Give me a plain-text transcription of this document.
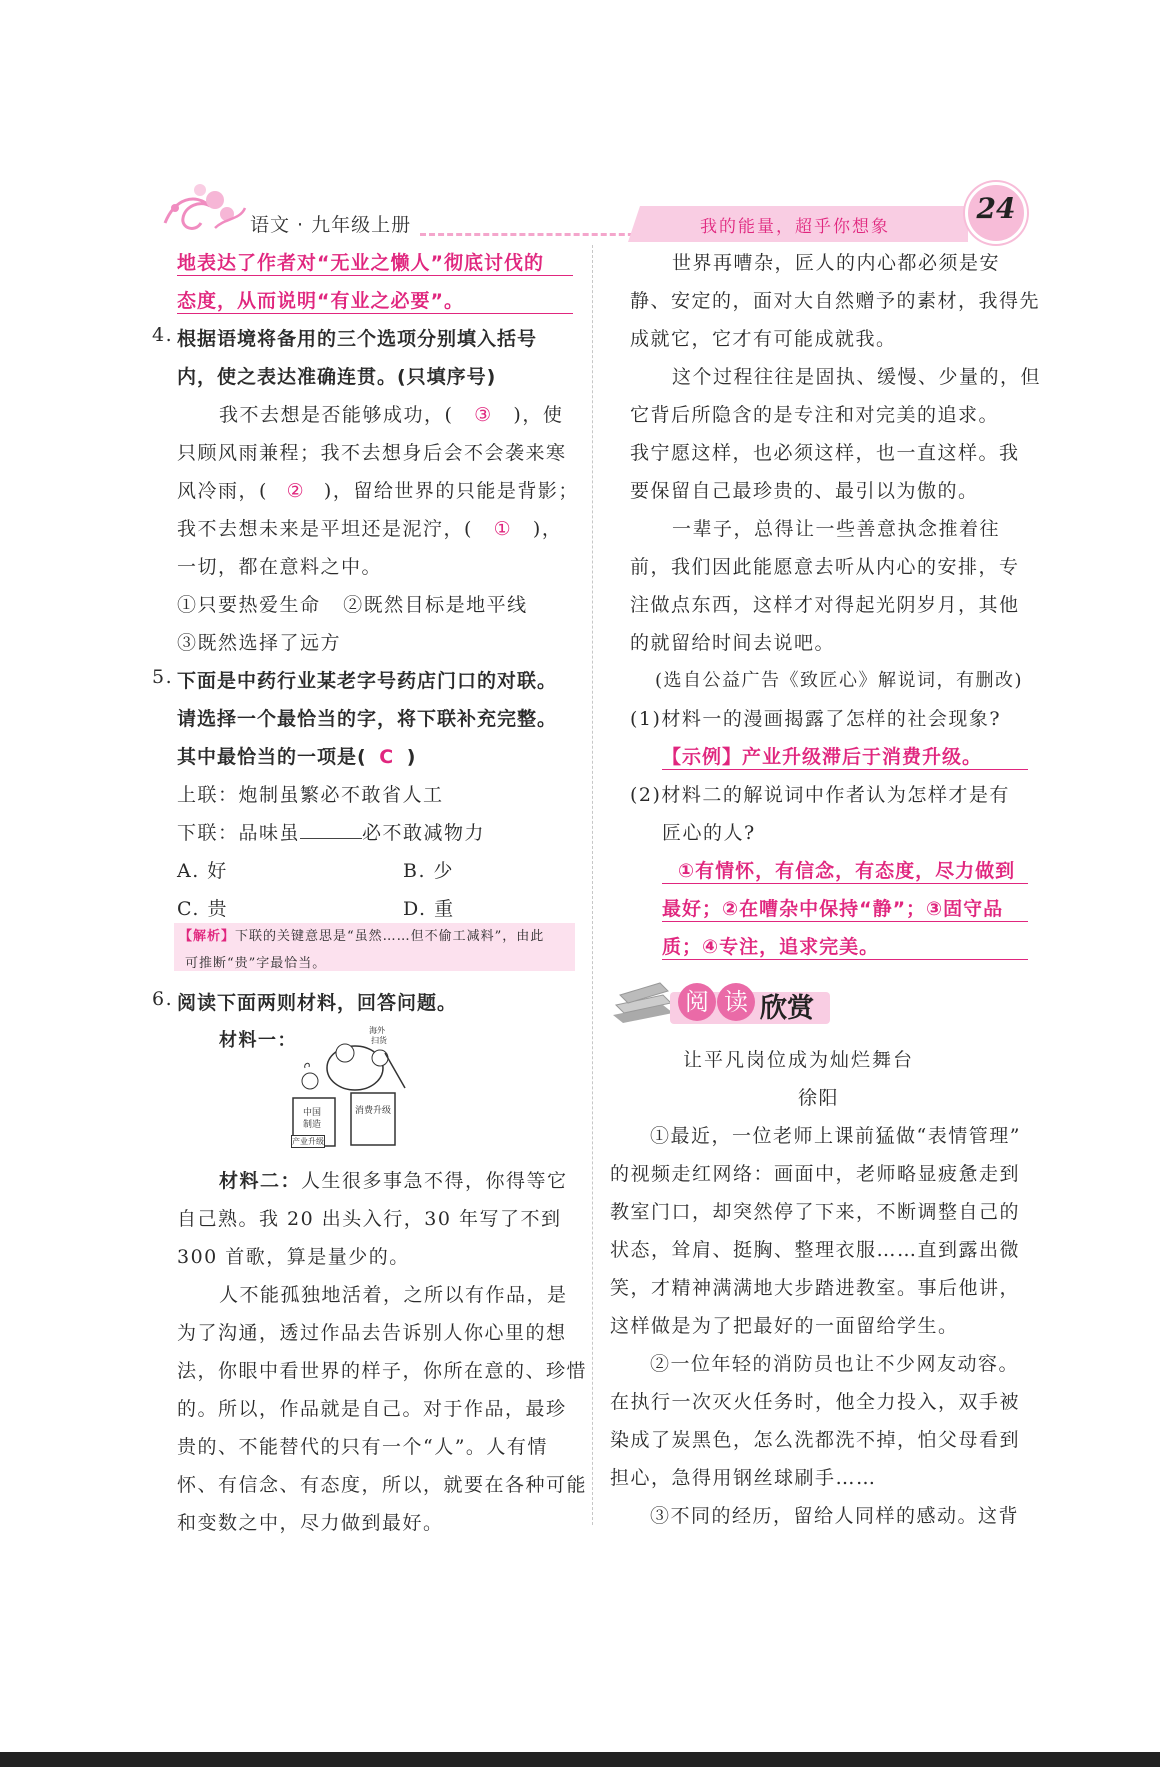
语文 · 九年级上册	我的能量，超乎你想象
24
地表达了作者对“无业之懒人”彻底讨伐的
态度，从而说明“有业之必要”。
4. 根据语境将备用的三个选项分别填入括号
内，使之表达准确连贯。(只填序号)
我不去想是否能够成功，( ③ )，使
只顾风雨兼程；我不去想身后会不会袭来寒
风冷雨，( ② )，留给世界的只能是背影；
我不去想未来是平坦还是泥泞，( ① )，
一切，都在意料之中。
①只要热爱生命   ②既然目标是地平线
③既然选择了远方
5. 下面是中药行业某老字号药店门口的对联。
请选择一个最恰当的字，将下联补充完整。
其中最恰当的一项是( C )
上联：炮制虽繁必不敢省人工
下联：品味虽	必不敢减物力
A. 好	B. 少
C. 贵	D. 重
【解析】下联的关键意思是“虽然……但不偷工减料”，由此
可推断“贵”字最恰当。
6. 阅读下面两则材料，回答问题。
材料一：	海外
扫货
中国
制造
消费升级
产业升级
材料二：人生很多事急不得，你得等它
自己熟。我 20 出头入行，30 年写了不到
300 首歌，算是量少的。
人不能孤独地活着，之所以有作品，是
为了沟通，透过作品去告诉别人你心里的想
法，你眼中看世界的样子，你所在意的、珍惜
的。所以，作品就是自己。对于作品，最珍
贵的、不能替代的只有一个“人”。人有情
怀、有信念、有态度，所以，就要在各种可能
和变数之中，尽力做到最好。
世界再嘈杂，匠人的内心都必须是安
静、安定的，面对大自然赠予的素材，我得先
成就它，它才有可能成就我。
这个过程往往是固执、缓慢、少量的，但
它背后所隐含的是专注和对完美的追求。
我宁愿这样，也必须这样，也一直这样。我
要保留自己最珍贵的、最引以为傲的。
一辈子，总得让一些善意执念推着往
前，我们因此能愿意去听从内心的安排，专
注做点东西，这样才对得起光阴岁月，其他
的就留给时间去说吧。
(选自公益广告《致匠心》解说词，有删改)
(1)材料一的漫画揭露了怎样的社会现象?
【示例】产业升级滞后于消费升级。
(2)材料二的解说词中作者认为怎样才是有
匠心的人?
①有情怀，有信念，有态度，尽力做到
最好；②在嘈杂中保持“静”；③固守品
质；④专注，追求完美。
阅 读 欣赏
让平凡岗位成为灿烂舞台
徐阳
①最近，一位老师上课前猛做“表情管理”
的视频走红网络：画面中，老师略显疲惫走到
教室门口，却突然停了下来，不断调整自己的
状态，耸肩、挺胸、整理衣服……直到露出微
笑，才精神满满地大步踏进教室。事后他讲，
这样做是为了把最好的一面留给学生。
②一位年轻的消防员也让不少网友动容。
在执行一次灭火任务时，他全力投入，双手被
染成了炭黑色，怎么洗都洗不掉，怕父母看到
担心，急得用钢丝球刷手……
③不同的经历，留给人同样的感动。这背
